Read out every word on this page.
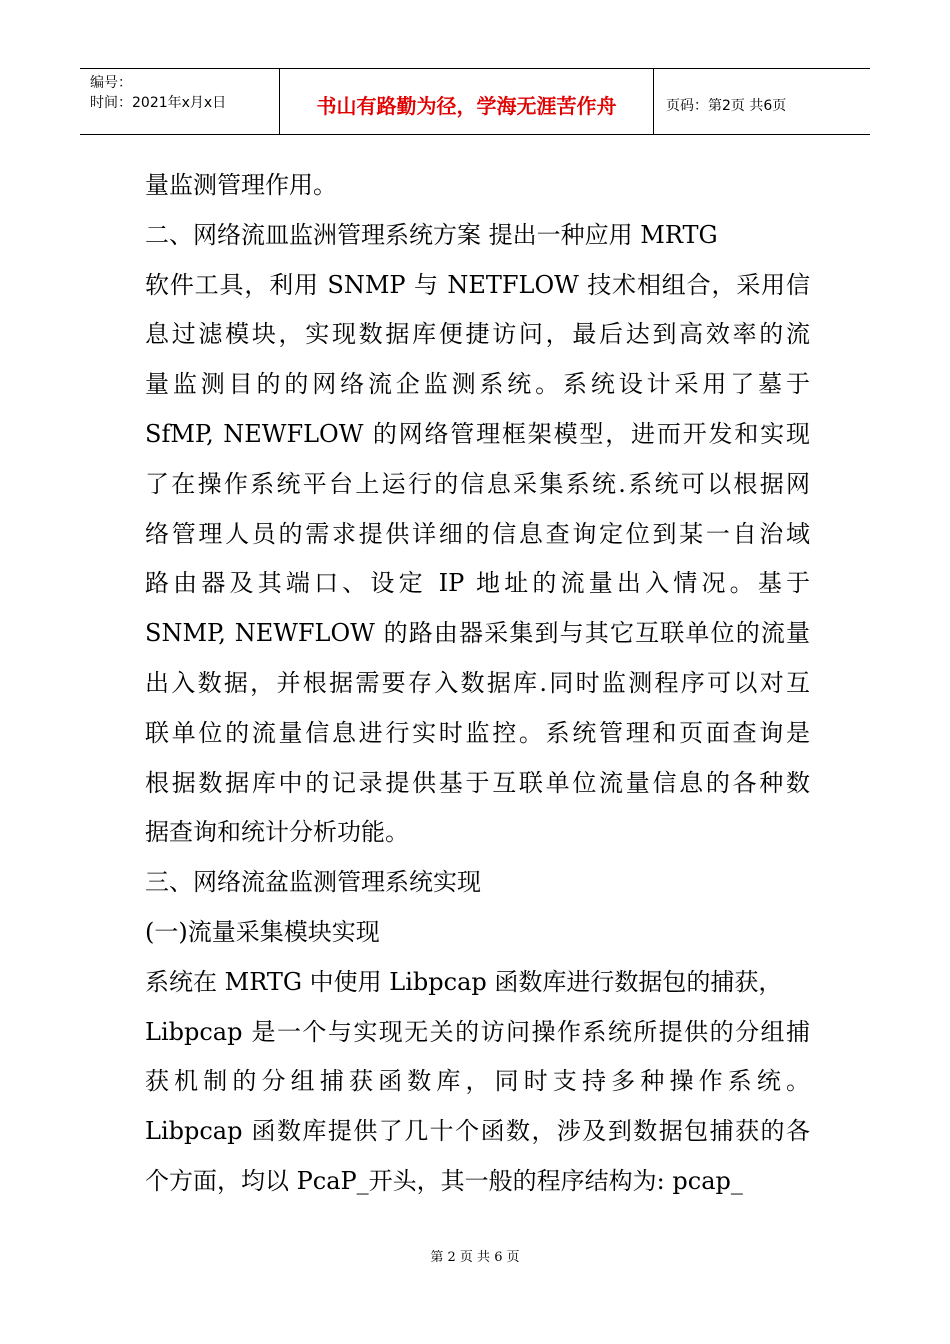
编号：
时间：2021年x月x日	书山有路勤为径，学海无涯苦作舟	页码：第2页 共6页
量监测管理作用。
二、网络流皿监洲管理系统方案 提出一种应用 MRTG
软件工具，利用 SNMP 与 NETFLOW 技术相组合，采用信
息过滤模块，实现数据库便捷访问，最后达到高效率的流
量监测目的的网络流企监测系统。系统设计采用了墓于
SfMP, NEWFLOW 的网络管理框架模型，进而开发和实现
了在操作系统平台上运行的信息采集系统.系统可以根据网
络管理人员的需求提供详细的信息查询定位到某一自治域
路由器及其端口、设定 IP 地址的流量出入情况。基于
SNMP, NEWFLOW 的路由器采集到与其它互联单位的流量
出入数据，并根据需要存入数据库.同时监测程序可以对互
联单位的流量信息进行实时监控。系统管理和页面查询是
根据数据库中的记录提供基于互联单位流量信息的各种数
据查询和统计分析功能。
三、网络流盆监测管理系统实现
(一)流量采集模块实现
系统在 MRTG 中使用 Libpcap 函数库进行数据包的捕获，
Libpcap 是一个与实现无关的访问操作系统所提供的分组捕
获机制的分组捕获函数库，同时支持多种操作系统。
Libpcap 函数库提供了几十个函数，涉及到数据包捕获的各
个方面，均以 PcaP_开头，其一般的程序结构为: pcap_
第 2 页 共 6 页
